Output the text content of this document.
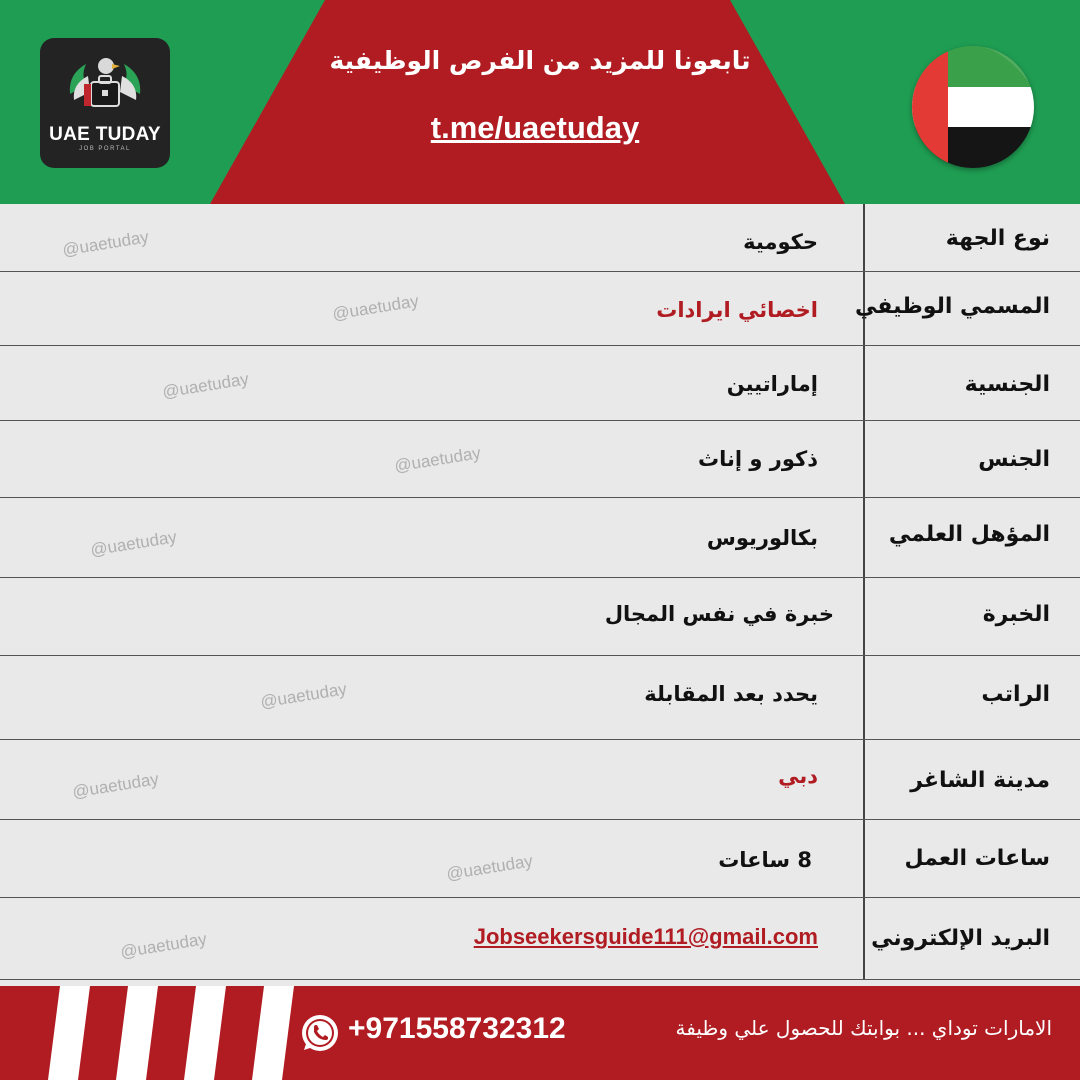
UAE TUDAY
JOB PORTAL
تابعونا للمزيد من الفرص الوظيفية
t.me/uaetuday
نوع الجهة
حكومية
المسمي الوظيفي
اخصائي ايرادات
الجنسية
إماراتيين
الجنس
ذكور و إناث
المؤهل العلمي
بكالوريوس
الخبرة
خبرة في نفس المجال
الراتب
يحدد بعد المقابلة
مدينة الشاغر
دبي
ساعات العمل
8 ساعات
البريد الإلكتروني
Jobseekersguide111@gmail.com
@uaetuday
@uaetuday
@uaetuday
@uaetuday
@uaetuday
@uaetuday
@uaetuday
@uaetuday
@uaetuday
+971558732312	الامارات توداي ... بوابتك للحصول علي وظيفة
